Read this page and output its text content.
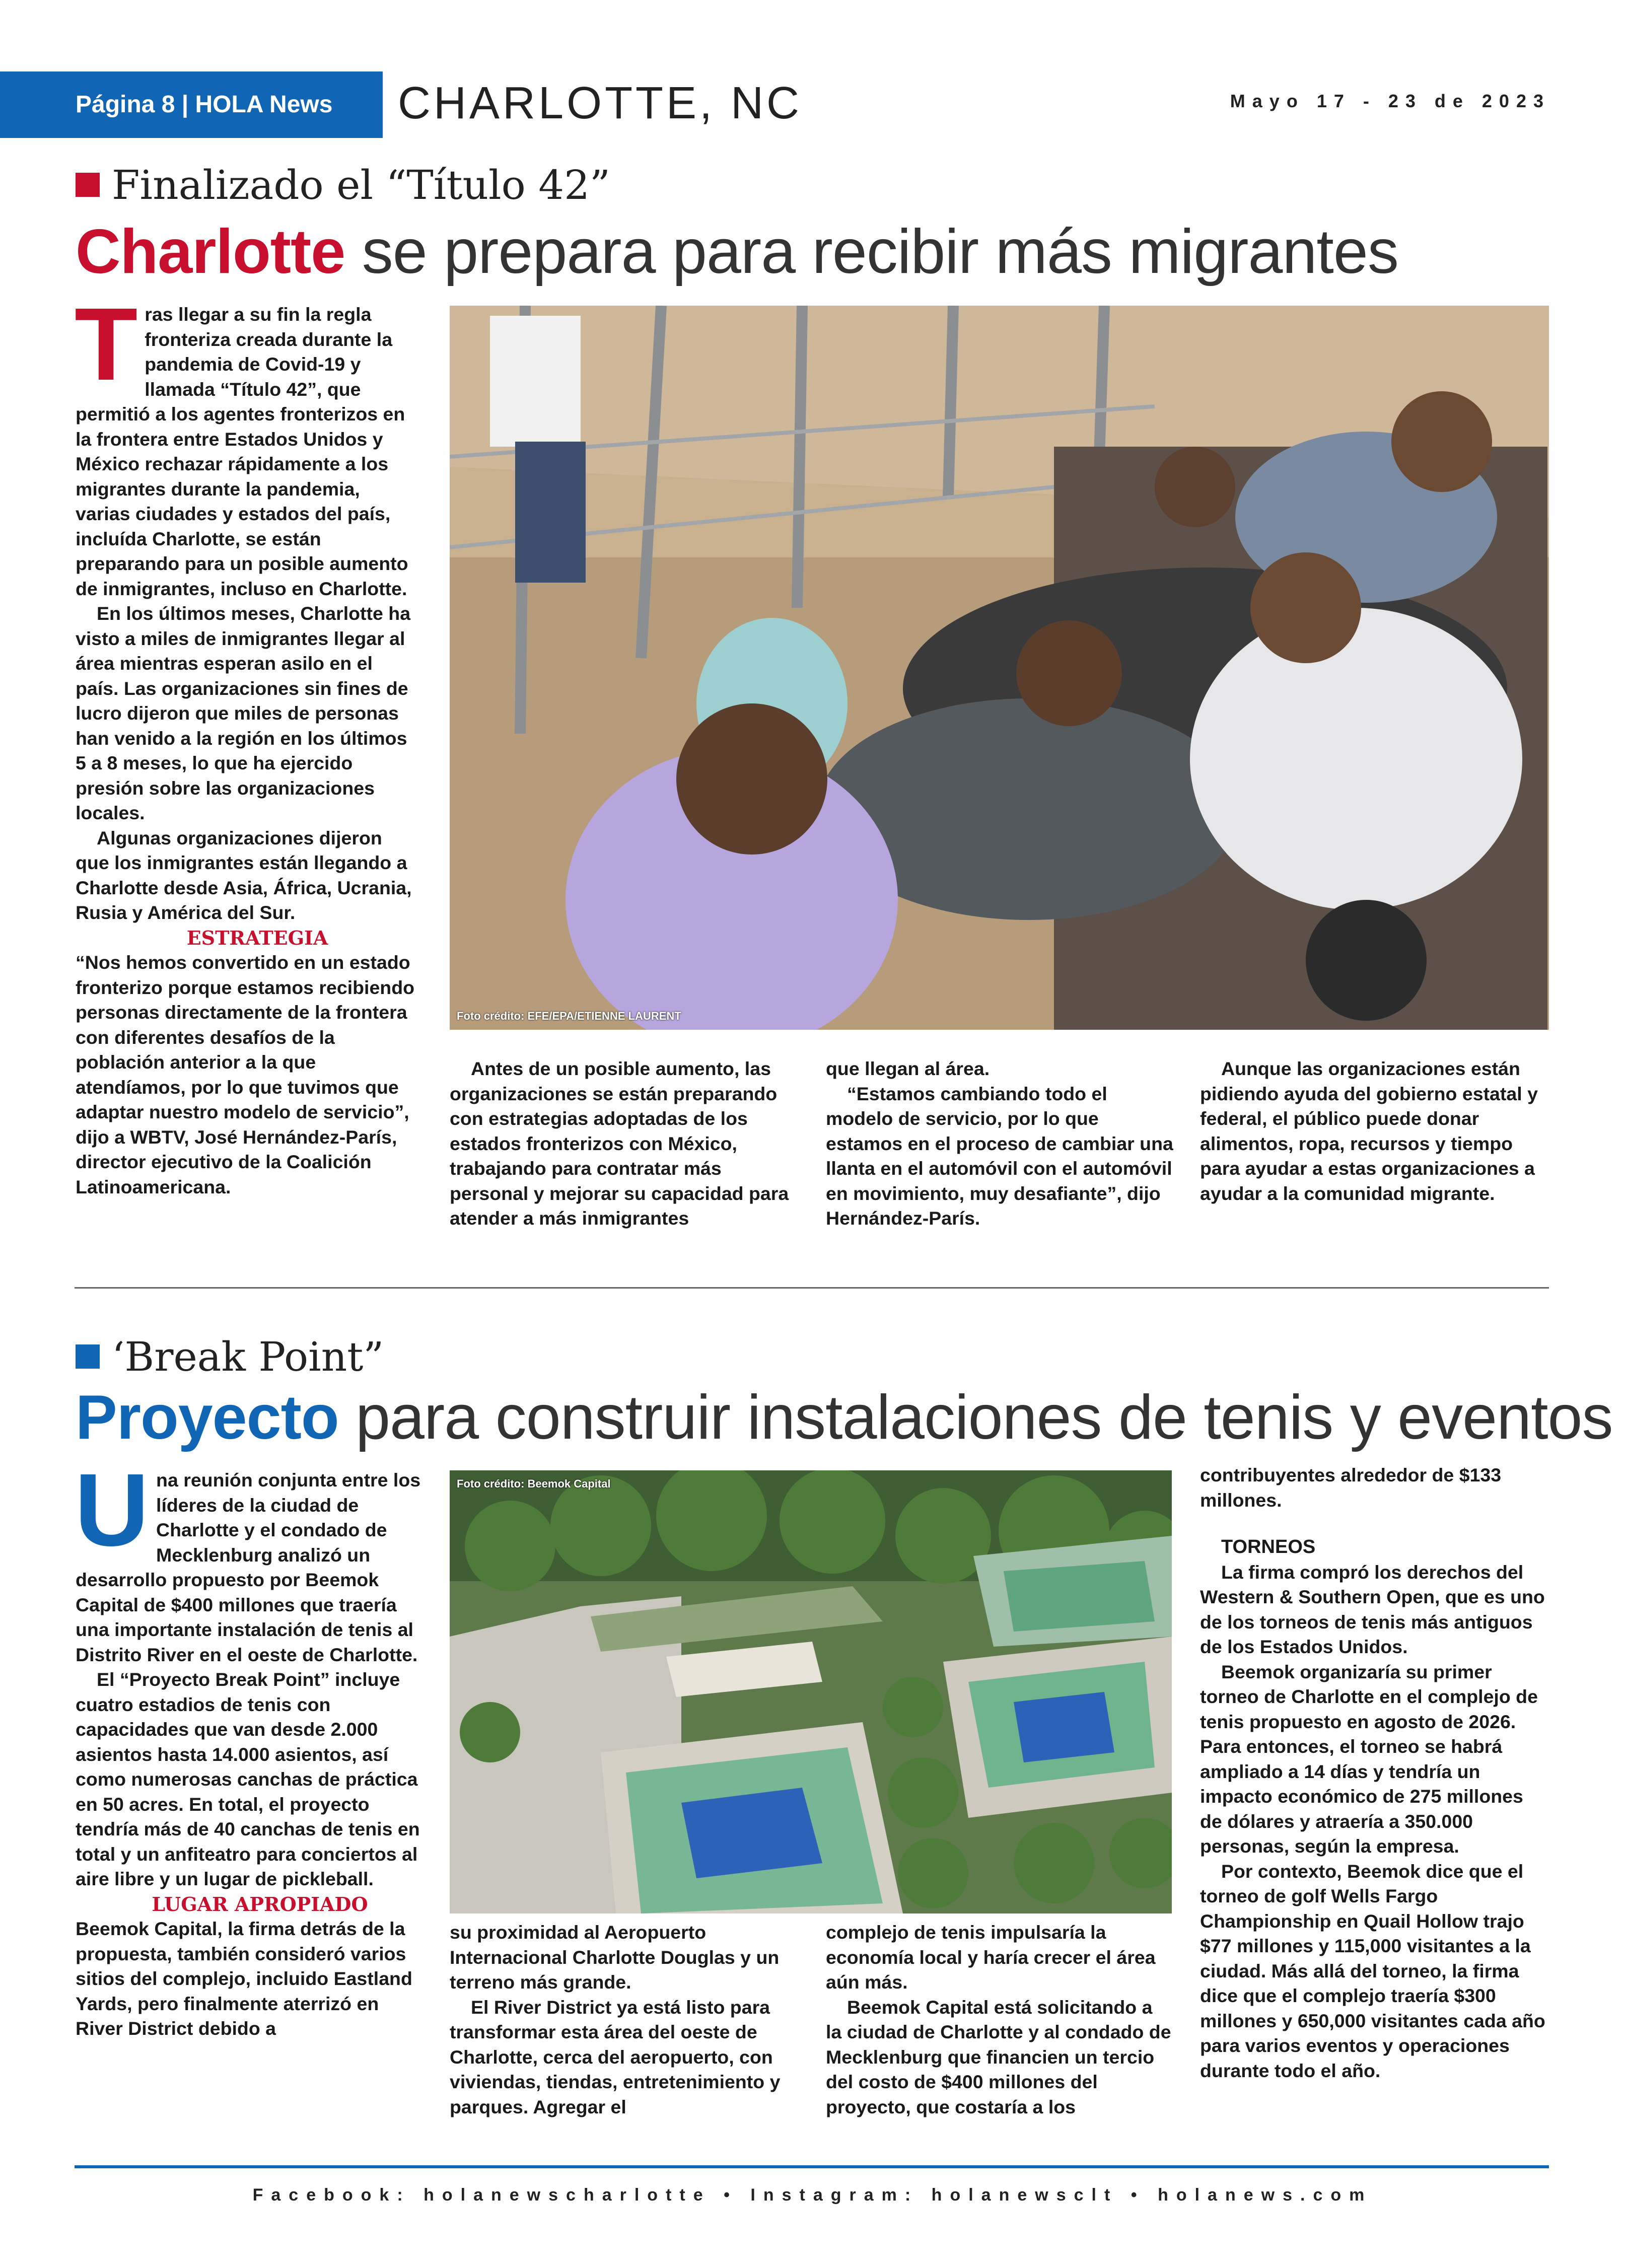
Página 8 | HOLA News	CHARLOTTE, NC	Mayo 17 - 23 de 2023
Finalizado el “Título 42”
Charlotte se prepara para recibir más migrantes

Tras llegar a su fin la regla fronteriza creada durante la pandemia de Covid-19 y llamada “Título 42”, que permitió a los agentes fronterizos en la frontera entre Estados Unidos y México rechazar rápidamente a los migrantes durante la pandemia, varias ciudades y estados del país, incluída Charlotte, se están preparando para un posible aumento de inmigrantes, incluso en Charlotte.

En los últimos meses, Charlotte ha visto a miles de inmigrantes llegar al área mientras esperan asilo en el país. Las organizaciones sin fines de lucro dijeron que miles de personas han venido a la región en los últimos 5 a 8 meses, lo que ha ejercido presión sobre las organizaciones locales.

Algunas organizaciones dijeron que los inmigrantes están llegando a Charlotte desde Asia, África, Ucrania, Rusia y América del Sur.

ESTRATEGIA

“Nos hemos convertido en un estado fronterizo porque estamos recibiendo personas directamente de la frontera con diferentes desafíos de la población anterior a la que atendíamos, por lo que tuvimos que adaptar nuestro modelo de servicio”, dijo a WBTV, José Hernández-París, director ejecutivo de la Coalición Latinoamericana.

Foto crédito: EFE/EPA/ETIENNE LAURENT

Antes de un posible aumento, las organizaciones se están preparando con estrategias adoptadas de los estados fronterizos con México, trabajando para contratar más personal y mejorar su capacidad para atender a más inmigrantes

que llegan al área.

“Estamos cambiando todo el modelo de servicio, por lo que estamos en el proceso de cambiar una llanta en el automóvil con el automóvil en movimiento, muy desafiante”, dijo Hernández-París.

Aunque las organizaciones están pidiendo ayuda del gobierno estatal y federal, el público puede donar alimentos, ropa, recursos y tiempo para ayudar a estas organizaciones a ayudar a la comunidad migrante.

‘Break Point”
Proyecto para construir instalaciones de tenis y eventos

Una reunión conjunta entre los líderes de la ciudad de Charlotte y el condado de Mecklenburg analizó un desarrollo propuesto por Beemok Capital de $400 millones que traería una importante instalación de tenis al Distrito River en el oeste de Charlotte.

El “Proyecto Break Point” incluye cuatro estadios de tenis con capacidades que van desde 2.000 asientos hasta 14.000 asientos, así como numerosas canchas de práctica en 50 acres. En total, el proyecto tendría más de 40 canchas de tenis en total y un anfiteatro para conciertos al aire libre y un lugar de pickleball.

LUGAR APROPIADO

Beemok Capital, la firma detrás de la propuesta, también consideró varios sitios del complejo, incluido Eastland Yards, pero finalmente aterrizó en River District debido a

Foto crédito: Beemok Capital

su proximidad al Aeropuerto Internacional Charlotte Douglas y un terreno más grande.

El River District ya está listo para transformar esta área del oeste de Charlotte, cerca del aeropuerto, con viviendas, tiendas, entretenimiento y parques. Agregar el

complejo de tenis impulsaría la economía local y haría crecer el área aún más.

Beemok Capital está solicitando a la ciudad de Charlotte y al condado de Mecklenburg que financien un tercio del costo de $400 millones del proyecto, que costaría a los

contribuyentes alrededor de $133 millones.

TORNEOS

La firma compró los derechos del Western & Southern Open, que es uno de los torneos de tenis más antiguos de los Estados Unidos.

Beemok organizaría su primer torneo de Charlotte en el complejo de tenis propuesto en agosto de 2026. Para entonces, el torneo se habrá ampliado a 14 días y tendría un impacto económico de 275 millones de dólares y atraería a 350.000 personas, según la empresa.

Por contexto, Beemok dice que el torneo de golf Wells Fargo Championship en Quail Hollow trajo $77 millones y 115,000 visitantes a la ciudad. Más allá del torneo, la firma dice que el complejo traería $300 millones y 650,000 visitantes cada año para varios eventos y operaciones durante todo el año.

Facebook: holanewscharlotte • Instagram: holanewsclt • holanews.com
